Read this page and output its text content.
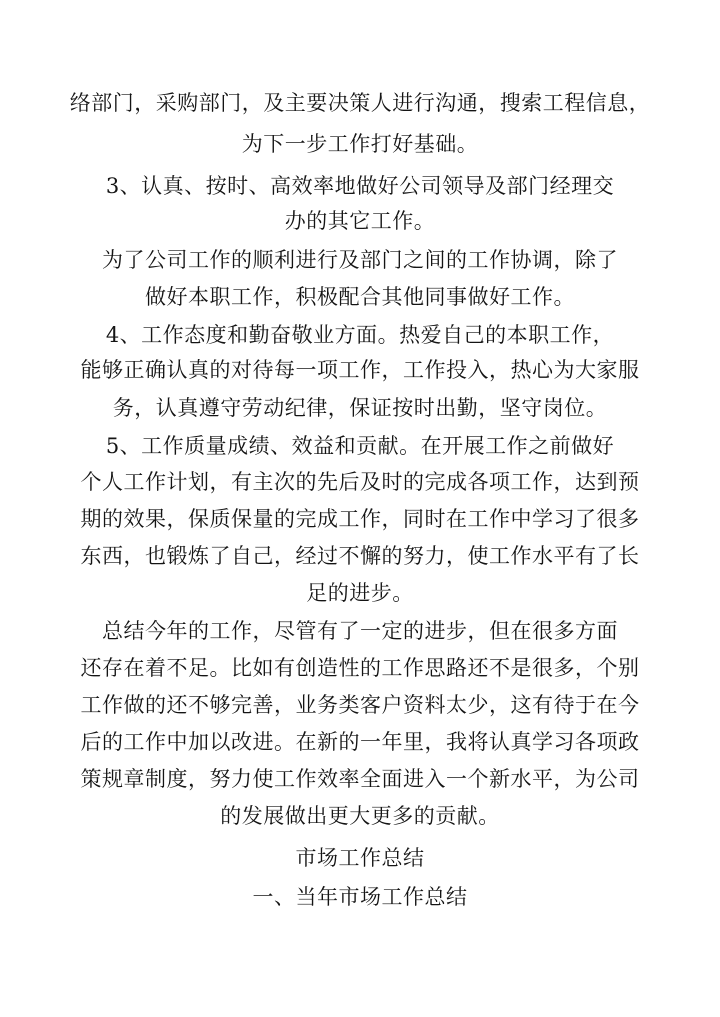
络部门，采购部门，及主要决策人进行沟通，搜索工程信息，
为下一步工作打好基础。
3、认真、按时、高效率地做好公司领导及部门经理交
办的其它工作。
为了公司工作的顺利进行及部门之间的工作协调，除了
做好本职工作，积极配合其他同事做好工作。
4、工作态度和勤奋敬业方面。热爱自己的本职工作，
能够正确认真的对待每一项工作，工作投入，热心为大家服
务，认真遵守劳动纪律，保证按时出勤，坚守岗位。
5、工作质量成绩、效益和贡献。在开展工作之前做好
个人工作计划，有主次的先后及时的完成各项工作，达到预
期的效果，保质保量的完成工作，同时在工作中学习了很多
东西，也锻炼了自己，经过不懈的努力，使工作水平有了长
足的进步。
总结今年的工作，尽管有了一定的进步，但在很多方面
还存在着不足。比如有创造性的工作思路还不是很多，个别
工作做的还不够完善，业务类客户资料太少，这有待于在今
后的工作中加以改进。在新的一年里，我将认真学习各项政
策规章制度，努力使工作效率全面进入一个新水平，为公司
的发展做出更大更多的贡献。
市场工作总结
一、当年市场工作总结
